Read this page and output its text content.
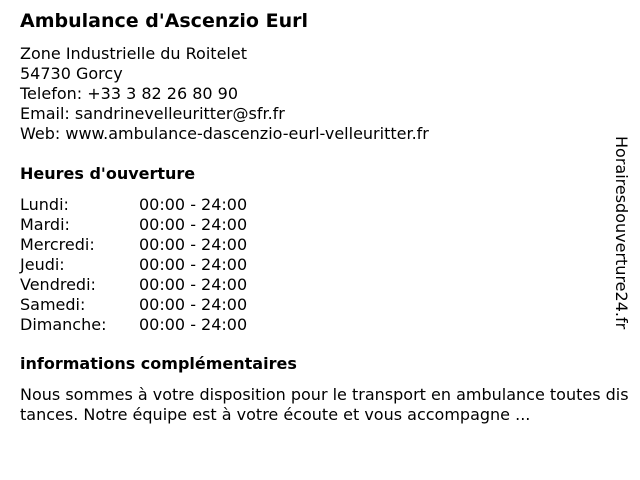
Ambulance d'Ascenzio Eurl
Zone Industrielle du Roitelet
54730 Gorcy
Telefon: +33 3 82 26 80 90
Email: sandrinevelleuritter@sfr.fr
Web: www.ambulance-dascenzio-eurl-velleuritter.fr
Heures d'ouverture
Lundi:	00:00 - 24:00
Mardi:	00:00 - 24:00
Mercredi:	00:00 - 24:00
Jeudi:	00:00 - 24:00
Vendredi:	00:00 - 24:00
Samedi:	00:00 - 24:00
Dimanche: 00:00 - 24:00
informations complémentaires
Nous sommes à votre disposition pour le transport en ambulance toutes distances. Notre équipe est à votre écoute et vous accompagne ...
Horairesdouverture24.fr
